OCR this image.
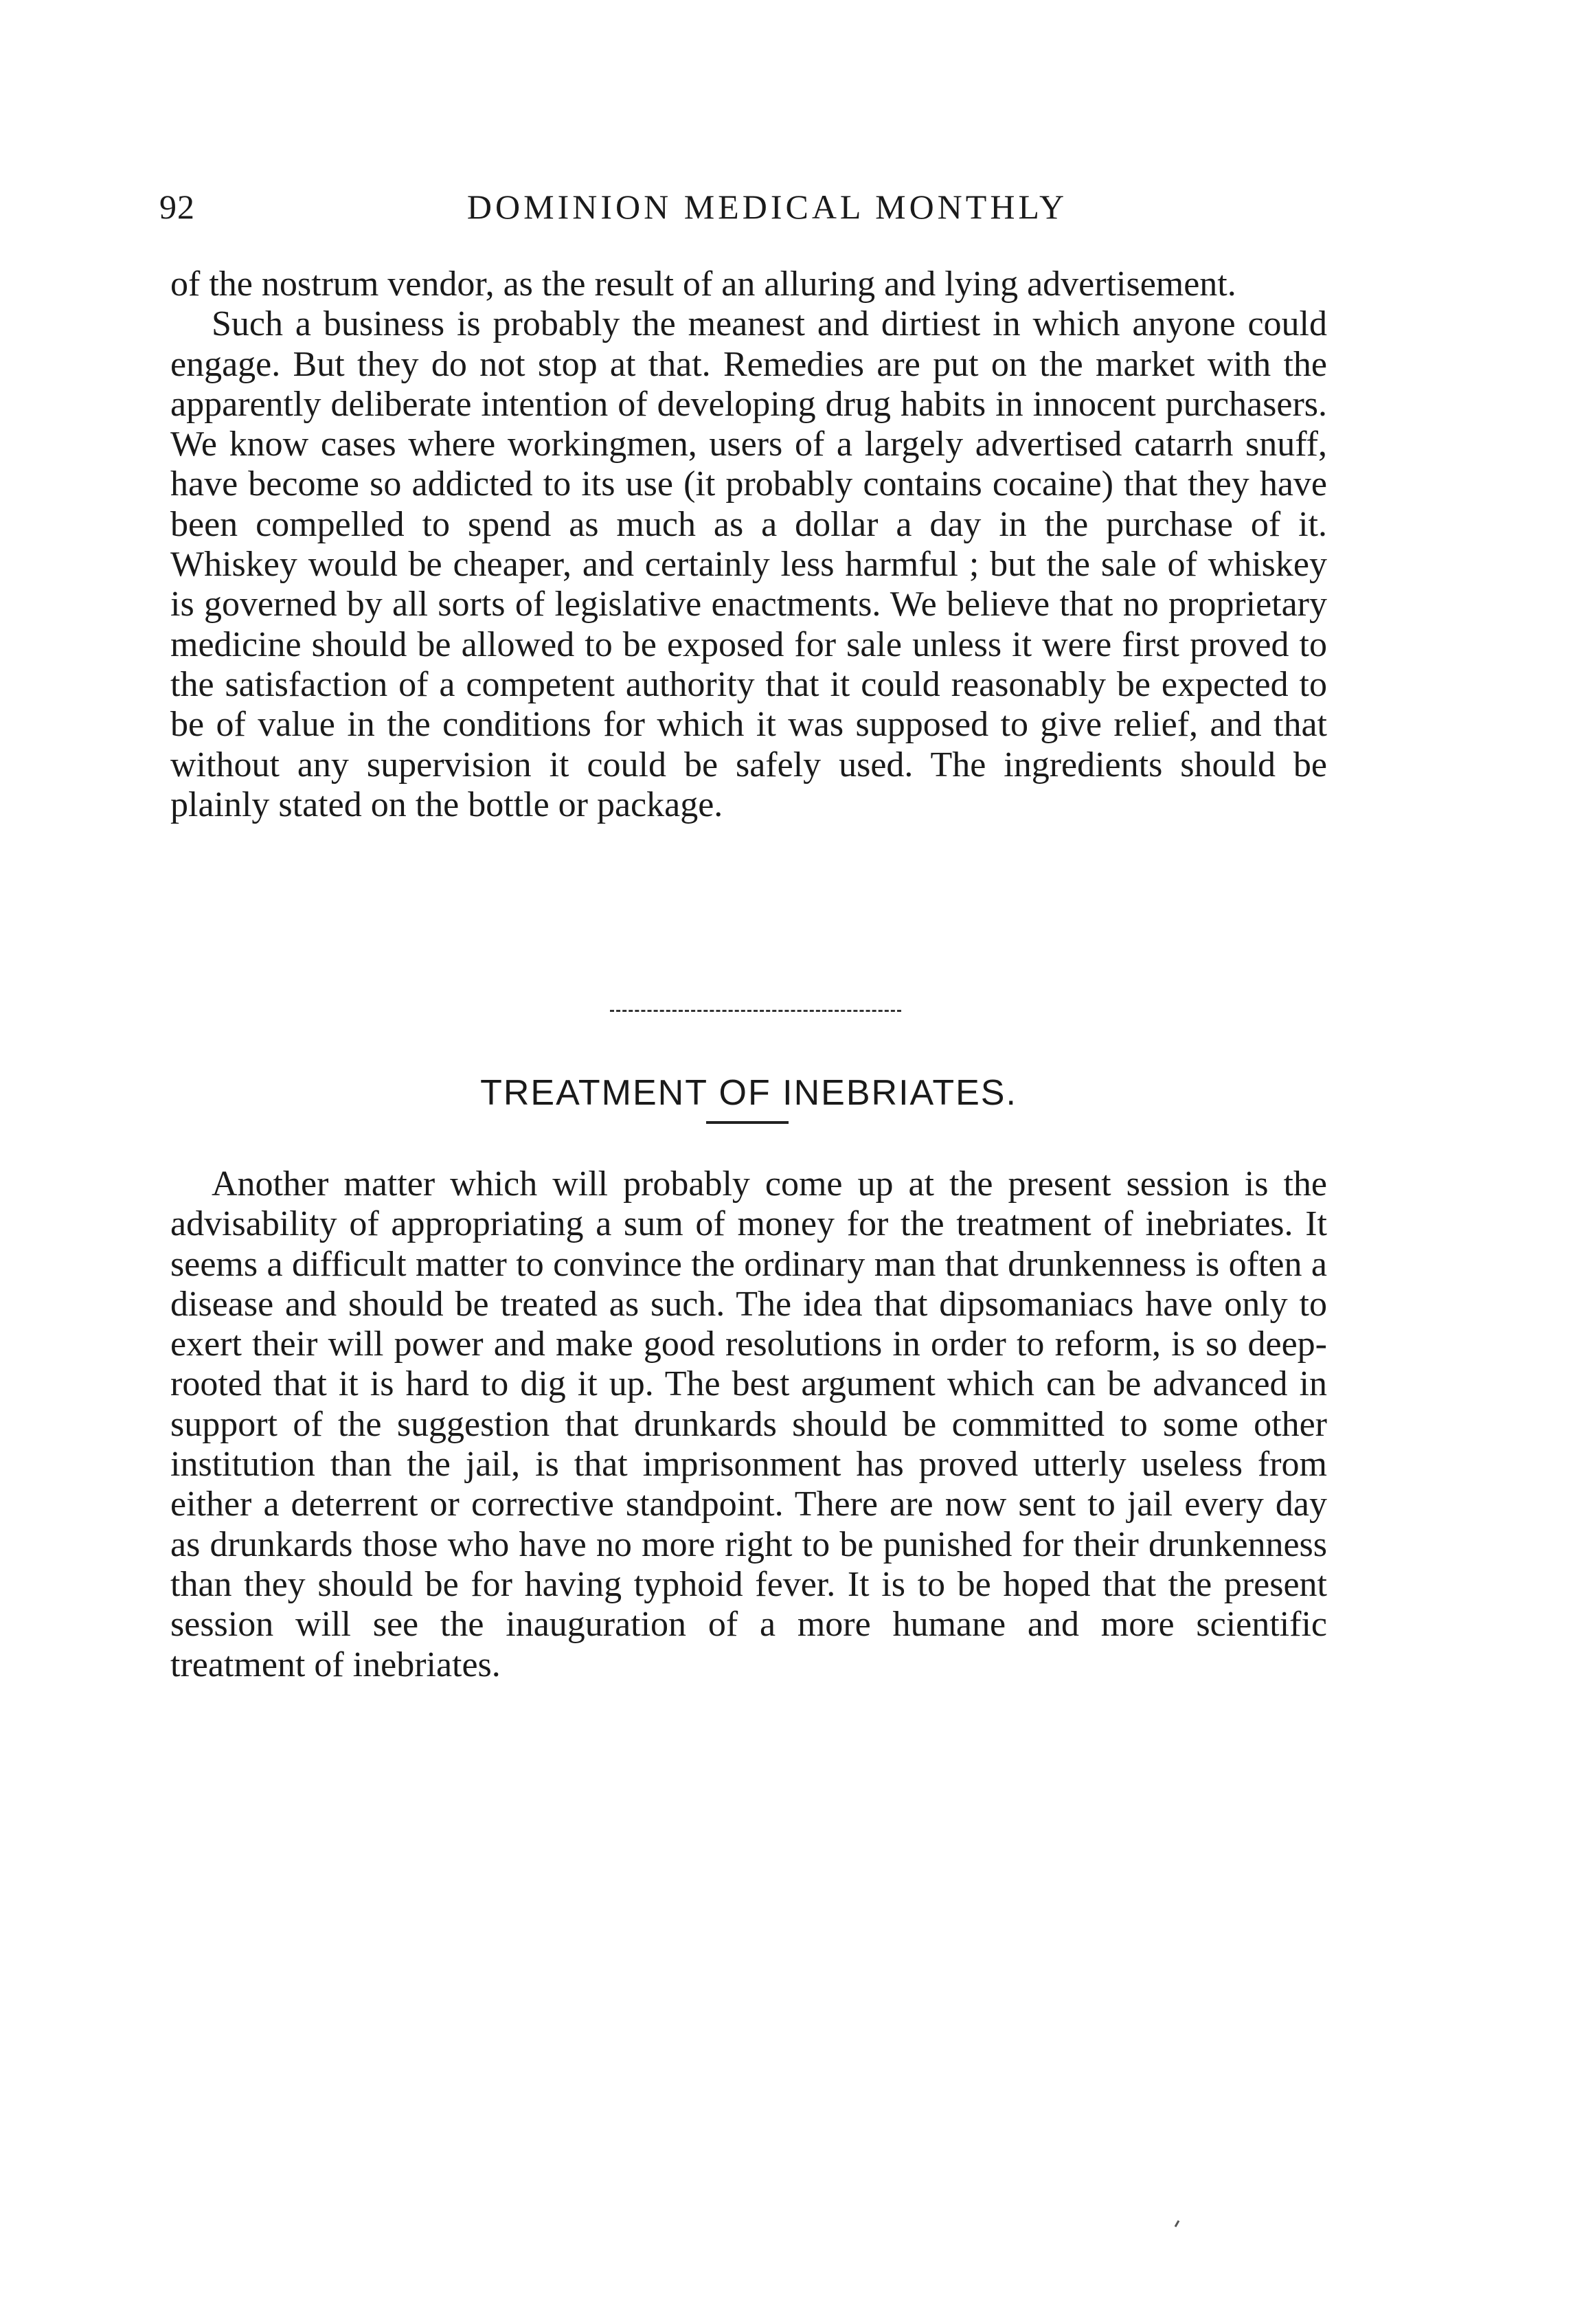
92	DOMINION MEDICAL MONTHLY

of the nostrum vendor, as the result of an alluring and lying advertisement.

Such a business is probably the meanest and dirtiest in which anyone could engage. But they do not stop at that. Remedies are put on the market with the apparently deliberate intention of developing drug habits in innocent purchasers. We know cases where workingmen, users of a largely advertised catarrh snuff, have become so addicted to its use (it probably contains cocaine) that they have been compelled to spend as much as a dollar a day in the purchase of it. Whiskey would be cheaper, and certainly less harmful ; but the sale of whiskey is governed by all sorts of legislative enactments. We believe that no proprietary medicine should be allowed to be exposed for sale unless it were first proved to the satisfaction of a competent authority that it could reasonably be expected to be of value in the conditions for which it was supposed to give relief, and that without any supervision it could be safely used. The ingredients should be plainly stated on the bottle or package.

TREATMENT OF INEBRIATES.

Another matter which will probably come up at the present session is the advisability of appropriating a sum of money for the treatment of inebriates. It seems a difficult matter to convince the ordinary man that drunkenness is often a disease and should be treated as such. The idea that dipsomaniacs have only to exert their will power and make good resolutions in order to reform, is so deep-rooted that it is hard to dig it up. The best argument which can be advanced in support of the suggestion that drunkards should be committed to some other institution than the jail, is that imprisonment has proved utterly useless from either a deterrent or corrective standpoint. There are now sent to jail every day as drunkards those who have no more right to be punished for their drunkenness than they should be for having typhoid fever. It is to be hoped that the present session will see the inauguration of a more humane and more scientific treatment of inebriates.
